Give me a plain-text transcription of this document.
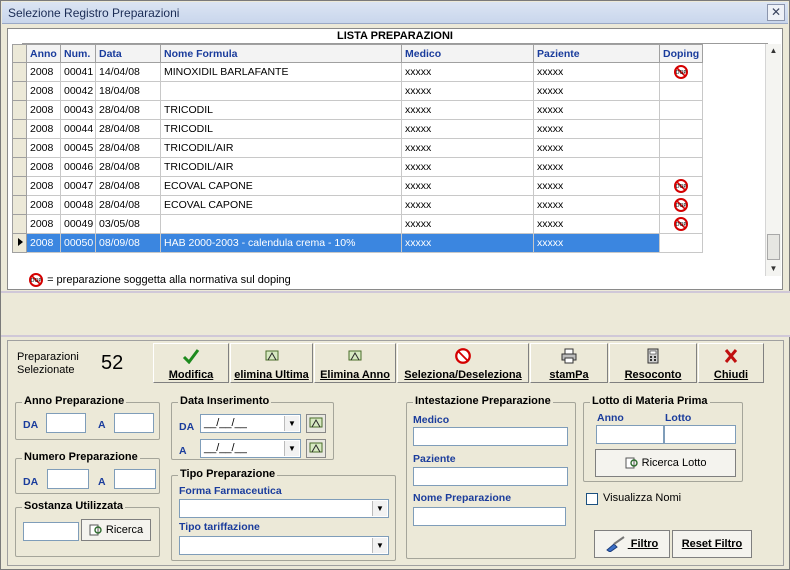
Selezione Registro Preparazioni	✕
LISTA PREPARAZIONI
	Anno	Num.	Data	Nome Formula	Medico	Paziente	Doping
	2008	00041	14/04/08	MINOXIDIL BARLAFANTE	xxxxx	xxxxx	DOP

	2008	00042	18/04/08		xxxxx	xxxxx	
	2008	00043	28/04/08	TRICODIL	xxxxx	xxxxx	
	2008	00044	28/04/08	TRICODIL	xxxxx	xxxxx	
	2008	00045	28/04/08	TRICODIL/AIR	xxxxx	xxxxx	
	2008	00046	28/04/08	TRICODIL/AIR	xxxxx	xxxxx	
	2008	00047	28/04/08	ECOVAL CAPONE	xxxxx	xxxxx	DOP

	2008	00048	28/04/08	ECOVAL CAPONE	xxxxx	xxxxx	DOP

	2008	00049	03/05/08		xxxxx	xxxxx	DOP

	2008	00050	08/09/08	HAB 2000-2003 - calendula crema - 10%	xxxxx	xxxxx	
▲
▼
DOP = preparazione soggetta alla normativa sul doping
Preparazioni Selezionate	52
Modifica	elimina Ultima	Elimina Anno	Seleziona/Deseleziona	stamPa	Resoconto	Chiudi
Anno Preparazione
DA	A
Numero Preparazione
DA	A
Sostanza Utilizzata
Ricerca
Data Inserimento
DA __/__/__	▼
A __/__/__	▼
Tipo Preparazione
Forma Farmaceutica
▼
Tipo tariffazione
▼
Intestazione Preparazione
Medico
Paziente
Nome Preparazione
Lotto di Materia Prima
Anno	Lotto
Ricerca Lotto
Visualizza Nomi
Filtro	Reset Filtro
